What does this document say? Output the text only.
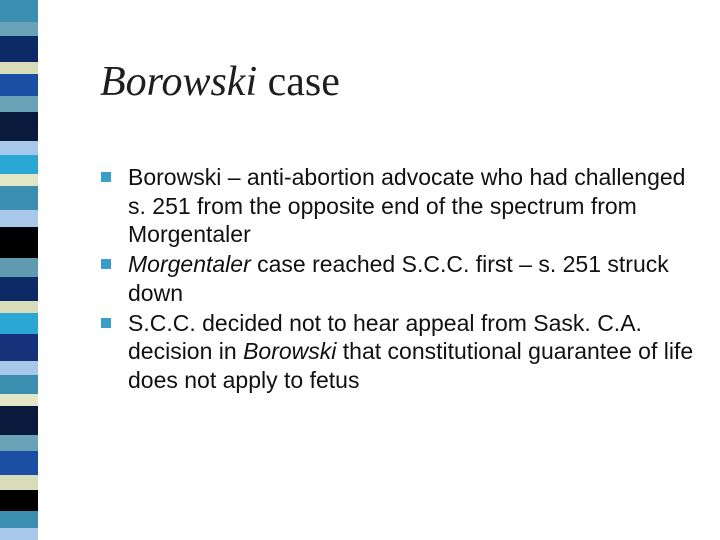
Borowski case
Borowski – anti-abortion advocate who had challenged s. 251 from the opposite end of the spectrum from Morgentaler
Morgentaler case reached S.C.C. first – s. 251 struck down
S.C.C. decided not to hear appeal from Sask. C.A. decision in Borowski that constitutional guarantee of life does not apply to fetus
